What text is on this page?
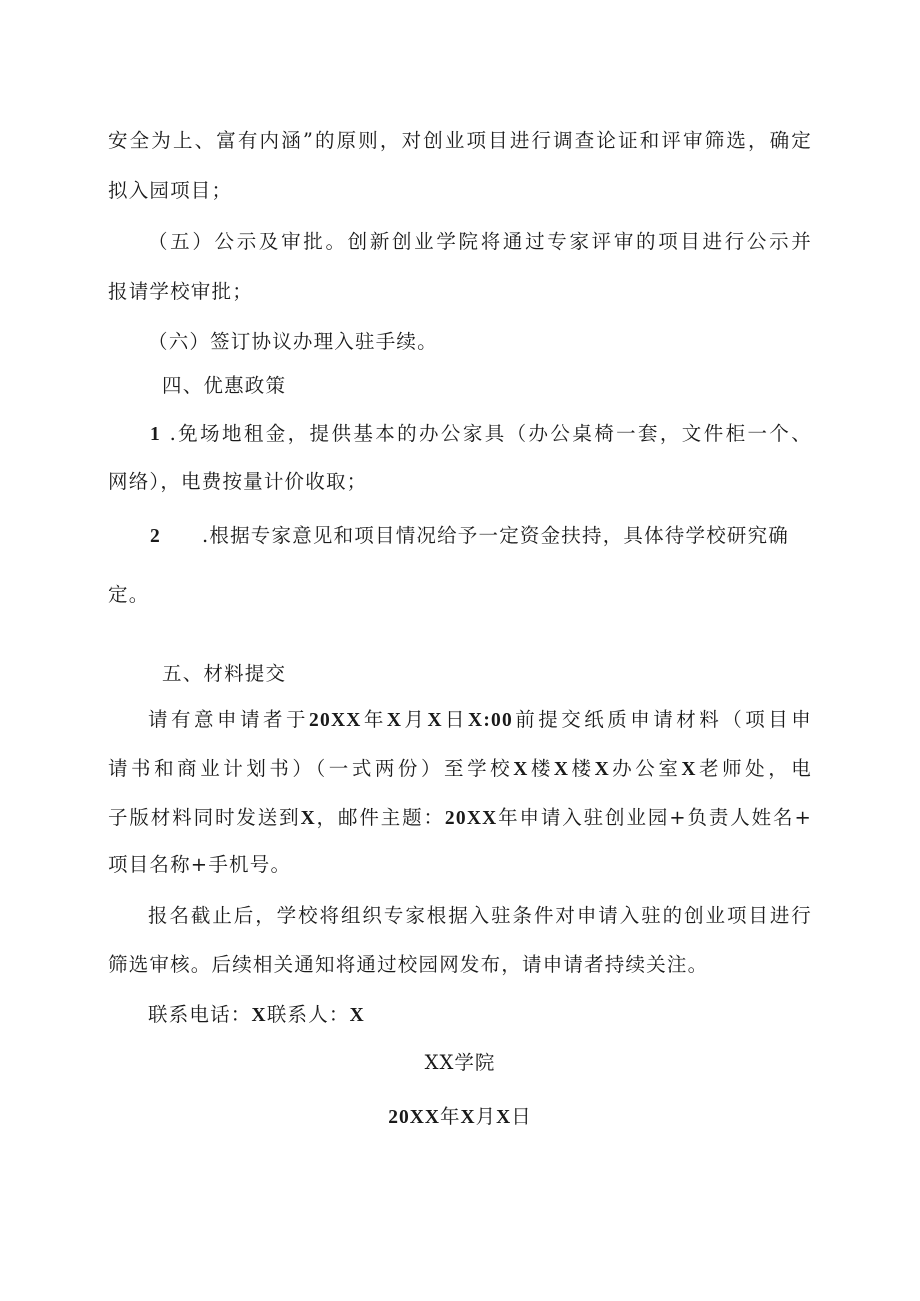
安全为上、富有内涵”的原则，对创业项目进行调查论证和评审筛选，确定
拟入园项目；
（五）公示及审批。创新创业学院将通过专家评审的项目进行公示并
报请学校审批；
（六）签订协议办理入驻手续。
四、优惠政策
1 .免场地租金，提供基本的办公家具（办公桌椅一套，文件柜一个、
网络），电费按量计价收取；
2 .根据专家意见和项目情况给予一定资金扶持，具体待学校研究确
定。
五、材料提交
请有意申请者于20XX年X月X日X:00前提交纸质申请材料（项目申
请书和商业计划书）（一式两份）至学校X楼X楼X办公室X老师处，电
子版材料同时发送到X，邮件主题：20XX年申请入驻创业园+负责人姓名+
项目名称+手机号。
报名截止后，学校将组织专家根据入驻条件对申请入驻的创业项目进行
筛选审核。后续相关通知将通过校园网发布，请申请者持续关注。
联系电话：X联系人：X
XX学院
20XX年X月X日
